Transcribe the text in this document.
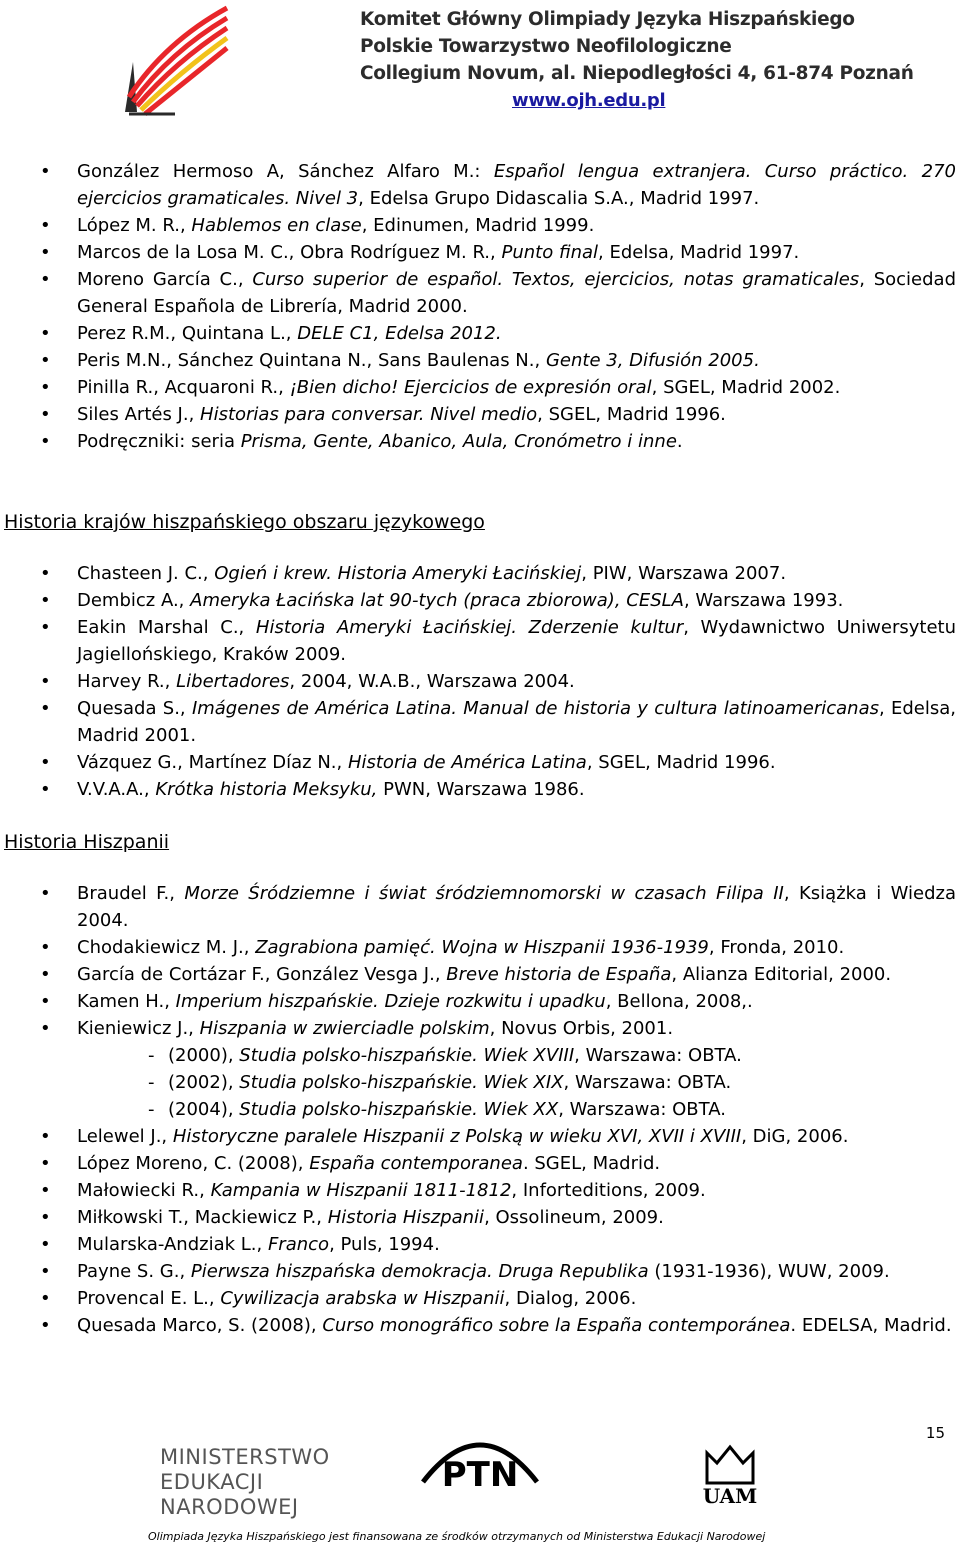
Komitet Główny Olimpiady Języka Hiszpańskiego
Polskie Towarzystwo Neofilologiczne
Collegium Novum, al. Niepodległości 4, 61-874 Poznań
www.ojh.edu.pl
• González Hermoso A, Sánchez Alfaro M.: Español lengua extranjera. Curso práctico. 270 ejercicios gramaticales. Nivel 3, Edelsa Grupo Didascalia S.A., Madrid 1997.
• López M. R., Hablemos en clase, Edinumen, Madrid 1999.
• Marcos de la Losa M. C., Obra Rodríguez M. R., Punto final, Edelsa, Madrid 1997.
• Moreno García C., Curso superior de español. Textos, ejercicios, notas gramaticales, Sociedad General Española de Librería, Madrid 2000.
• Perez R.M., Quintana L., DELE C1, Edelsa 2012.
• Peris M.N., Sánchez Quintana N., Sans Baulenas N., Gente 3, Difusión 2005.
• Pinilla R., Acquaroni R., ¡Bien dicho! Ejercicios de expresión oral, SGEL, Madrid 2002.
• Siles Artés J., Historias para conversar. Nivel medio, SGEL, Madrid 1996.
• Podręczniki: seria Prisma, Gente, Abanico, Aula, Cronómetro i inne.
Historia krajów hiszpańskiego obszaru językowego
• Chasteen J. C., Ogień i krew. Historia Ameryki Łacińskiej, PIW, Warszawa 2007.
• Dembicz A., Ameryka Łacińska lat 90-tych (praca zbiorowa), CESLA, Warszawa 1993.
• Eakin Marshal C., Historia Ameryki Łacińskiej. Zderzenie kultur, Wydawnictwo Uniwersytetu Jagiellońskiego, Kraków 2009.
• Harvey R., Libertadores, 2004, W.A.B., Warszawa 2004.
• Quesada S., Imágenes de América Latina. Manual de historia y cultura latinoamericanas, Edelsa, Madrid 2001.
• Vázquez G., Martínez Díaz N., Historia de América Latina, SGEL, Madrid 1996.
• V.V.A.A., Krótka historia Meksyku, PWN, Warszawa 1986.
Historia Hiszpanii
• Braudel F., Morze Śródziemne i świat śródziemnomorski w czasach Filipa II, Książka i Wiedza 2004.
• Chodakiewicz M. J., Zagrabiona pamięć. Wojna w Hiszpanii 1936-1939, Fronda, 2010.
• García de Cortázar F., González Vesga J., Breve historia de España, Alianza Editorial, 2000.
• Kamen H., Imperium hiszpańskie. Dzieje rozkwitu i upadku, Bellona, 2008,.
• Kieniewicz J., Hiszpania w zwierciadle polskim, Novus Orbis, 2001.
- (2000), Studia polsko-hiszpańskie. Wiek XVIII, Warszawa: OBTA.
- (2002), Studia polsko-hiszpańskie. Wiek XIX, Warszawa: OBTA.
- (2004), Studia polsko-hiszpańskie. Wiek XX, Warszawa: OBTA.
• Lelewel J., Historyczne paralele Hiszpanii z Polską w wieku XVI, XVII i XVIII, DiG, 2006.
• López Moreno, C. (2008), España contemporanea. SGEL, Madrid.
• Małowiecki R., Kampania w Hiszpanii 1811-1812, Inforteditions, 2009.
• Miłkowski T., Mackiewicz P., Historia Hiszpanii, Ossolineum, 2009.
• Mularska-Andziak L., Franco, Puls, 1994.
• Payne S. G., Pierwsza hiszpańska demokracja. Druga Republika (1931-1936), WUW, 2009.
• Provencal E. L., Cywilizacja arabska w Hiszpanii, Dialog, 2006.
• Quesada Marco, S. (2008), Curso monográfico sobre la España contemporánea. EDELSA, Madrid.
15
MINISTERSTWO
EDUKACJI
NARODOWEJ
PTN
UAM
Olimpiada Języka Hiszpańskiego jest finansowana ze środków otrzymanych od Ministerstwa Edukacji Narodowej
